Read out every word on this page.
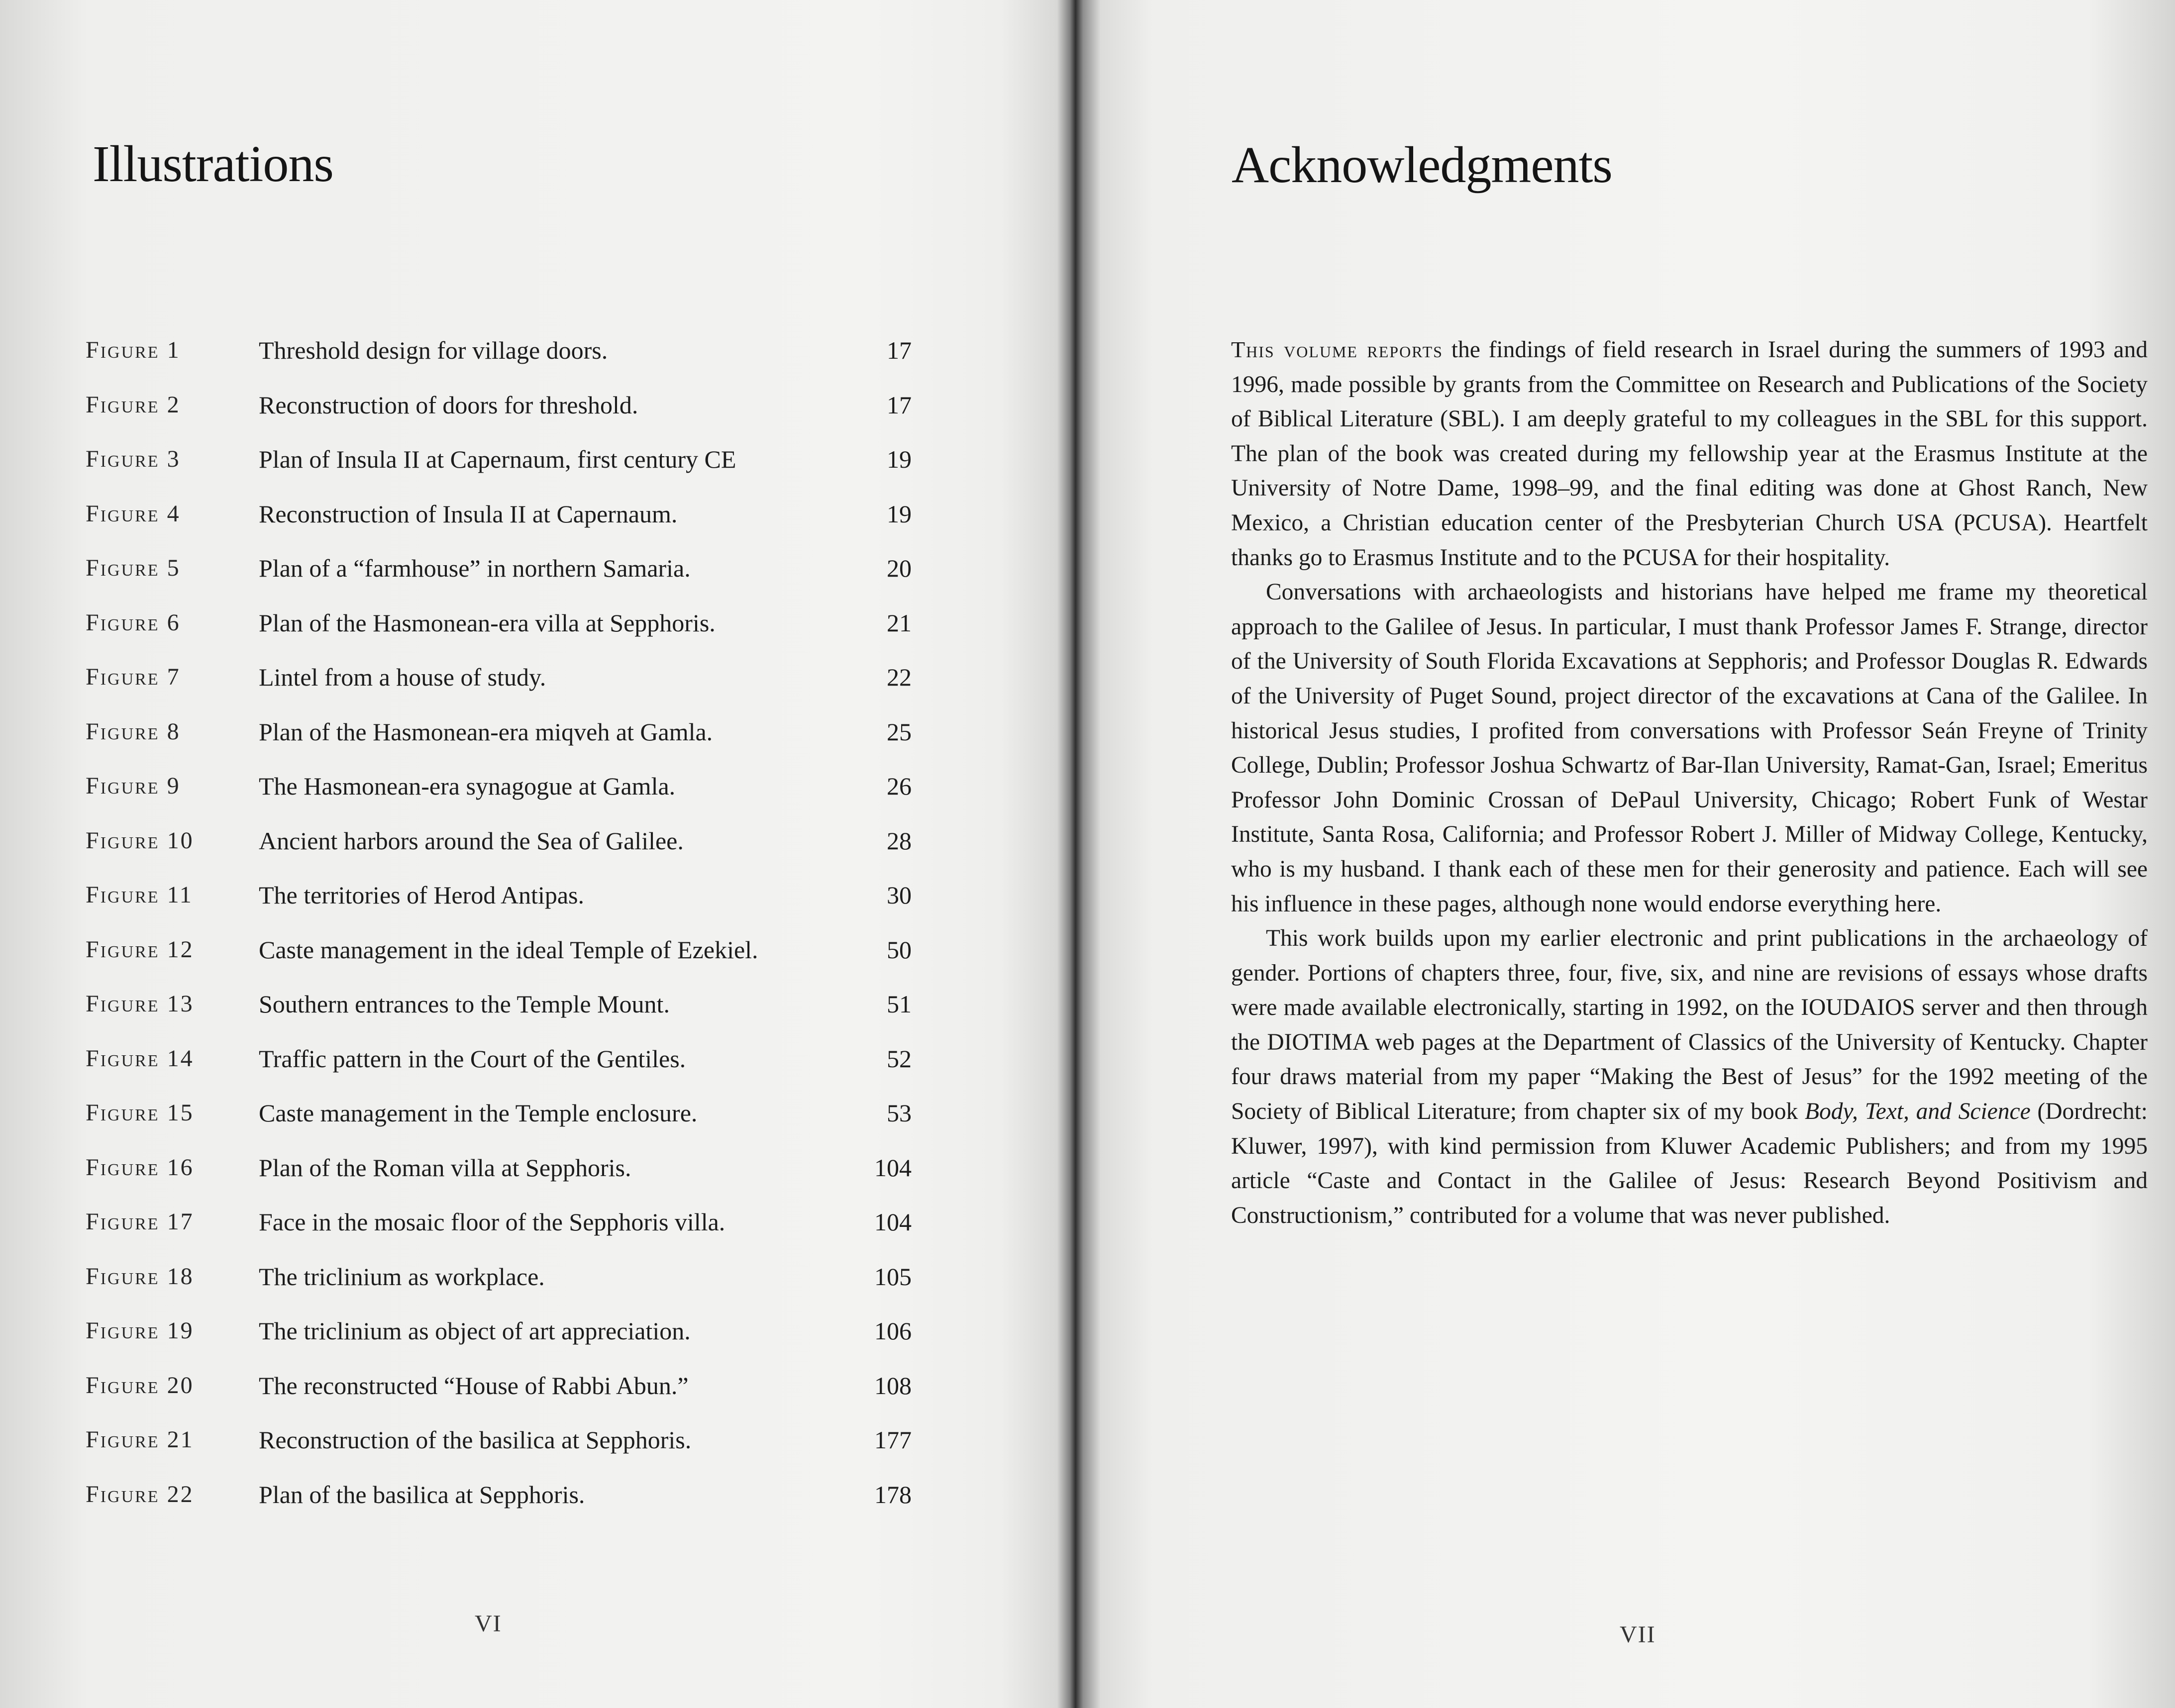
Illustrations
Figure 1	Threshold design for village doors.	17
Figure 2	Reconstruction of doors for threshold.	17
Figure 3	Plan of Insula II at Capernaum, first century CE	19
Figure 4	Reconstruction of Insula II at Capernaum.	19
Figure 5	Plan of a “farmhouse” in northern Samaria.	20
Figure 6	Plan of the Hasmonean-era villa at Sepphoris.	21
Figure 7	Lintel from a house of study.	22
Figure 8	Plan of the Hasmonean-era miqveh at Gamla.	25
Figure 9	The Hasmonean-era synagogue at Gamla.	26
Figure 10	Ancient harbors around the Sea of Galilee.	28
Figure 11	The territories of Herod Antipas.	30
Figure 12	Caste management in the ideal Temple of Ezekiel.	50
Figure 13	Southern entrances to the Temple Mount.	51
Figure 14	Traffic pattern in the Court of the Gentiles.	52
Figure 15	Caste management in the Temple enclosure.	53
Figure 16	Plan of the Roman villa at Sepphoris.	104
Figure 17	Face in the mosaic floor of the Sepphoris villa.	104
Figure 18	The triclinium as workplace.	105
Figure 19	The triclinium as object of art appreciation.	106
Figure 20	The reconstructed “House of Rabbi Abun.”	108
Figure 21	Reconstruction of the basilica at Sepphoris.	177
Figure 22	Plan of the basilica at Sepphoris.	178
VI
Acknowledgments

This volume reports the findings of field research in Israel during the summers of 1993 and 1996, made possible by grants from the Committee on Research and Publications of the Society of Biblical Literature (SBL). I am deeply grateful to my colleagues in the SBL for this support. The plan of the book was created during my fellowship year at the Erasmus Institute at the University of Notre Dame, 1998–99, and the final editing was done at Ghost Ranch, New Mexico, a Christian education center of the Presbyterian Church USA (PCUSA). Heartfelt thanks go to Erasmus Institute and to the PCUSA for their hospitality.

Conversations with archaeologists and historians have helped me frame my theoretical approach to the Galilee of Jesus. In particular, I must thank Professor James F. Strange, director of the University of South Florida Excavations at Sepphoris; and Professor Douglas R. Edwards of the University of Puget Sound, project director of the excavations at Cana of the Galilee. In historical Jesus studies, I profited from conversations with Professor Seán Freyne of Trinity College, Dublin; Professor Joshua Schwartz of Bar-Ilan University, Ramat-Gan, Israel; Emeritus Professor John Dominic Crossan of DePaul University, Chicago; Robert Funk of Westar Institute, Santa Rosa, California; and Professor Robert J. Miller of Midway College, Kentucky, who is my husband. I thank each of these men for their generosity and patience. Each will see his influence in these pages, although none would endorse everything here.

This work builds upon my earlier electronic and print publications in the archaeology of gender. Portions of chapters three, four, five, six, and nine are revisions of essays whose drafts were made available electronically, starting in 1992, on the IOUDAIOS server and then through the DIOTIMA web pages at the Department of Classics of the University of Kentucky. Chapter four draws material from my paper “Making the Best of Jesus” for the 1992 meeting of the Society of Biblical Literature; from chapter six of my book Body, Text, and Science (Dordrecht: Kluwer, 1997), with kind permission from Kluwer Academic Publishers; and from my 1995 article “Caste and Contact in the Galilee of Jesus: Research Beyond Positivism and Constructionism,” contributed for a volume that was never published.

VII
